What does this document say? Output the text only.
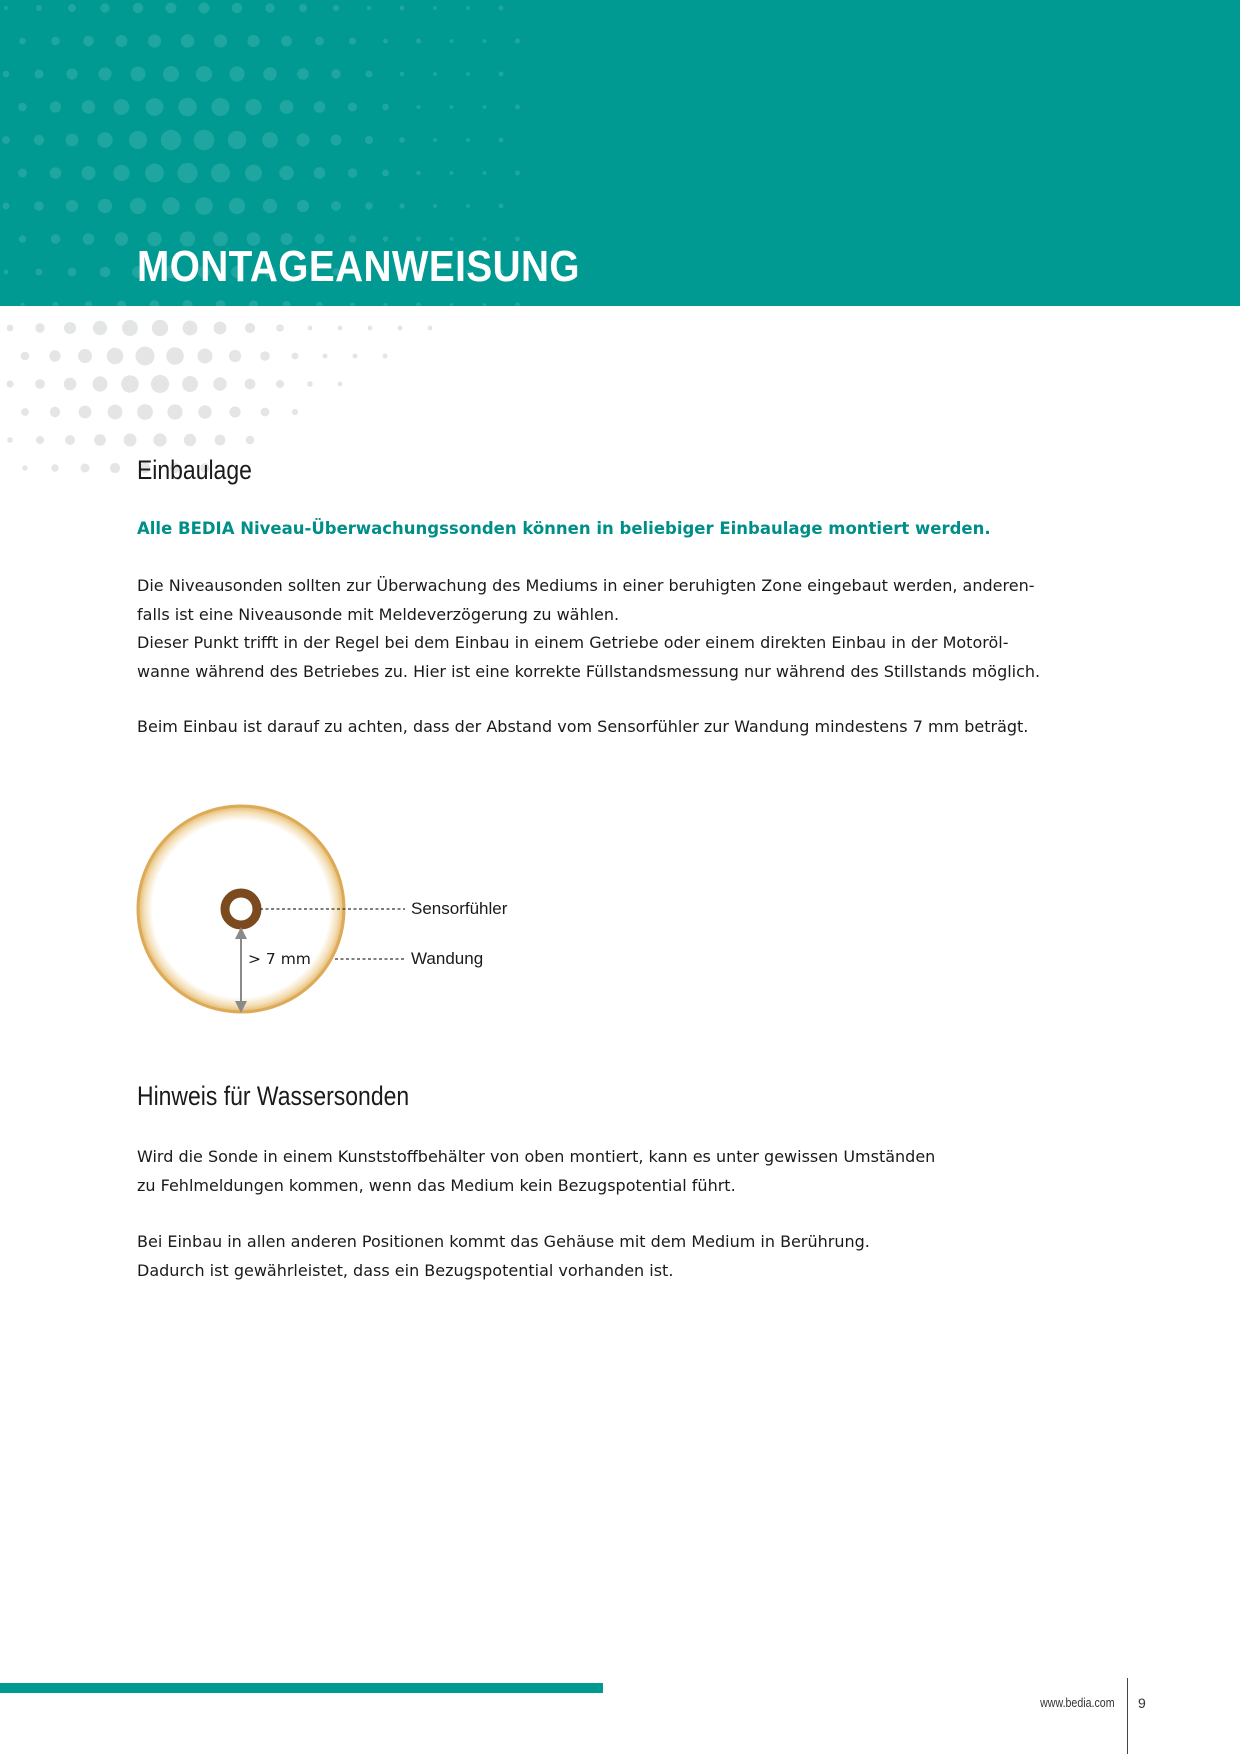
MONTAGEANWEISUNG
Einbaulage

Alle BEDIA Niveau-Überwachungssonden können in beliebiger Einbaulage montiert werden.

Die Niveausonden sollten zur Überwachung des Mediums in einer beruhigten Zone eingebaut werden, anderen-
falls ist eine Niveausonde mit Meldeverzögerung zu wählen.
Dieser Punkt trifft in der Regel bei dem Einbau in einem Getriebe oder einem direkten Einbau in der Motoröl-
wanne während des Betriebes zu. Hier ist eine korrekte Füllstandsmessung nur während des Stillstands möglich.

Beim Einbau ist darauf zu achten, dass der Abstand vom Sensorfühler zur Wandung mindestens 7 mm beträgt.

> 7 mm
Sensorfühler
Wandung
Hinweis für Wassersonden

Wird die Sonde in einem Kunststoffbehälter von oben montiert, kann es unter gewissen Umständen
zu Fehlmeldungen kommen, wenn das Medium kein Bezugspotential führt.

Bei Einbau in allen anderen Positionen kommt das Gehäuse mit dem Medium in Berührung.
Dadurch ist gewährleistet, dass ein Bezugspotential vorhanden ist.

www.bedia.com 9
